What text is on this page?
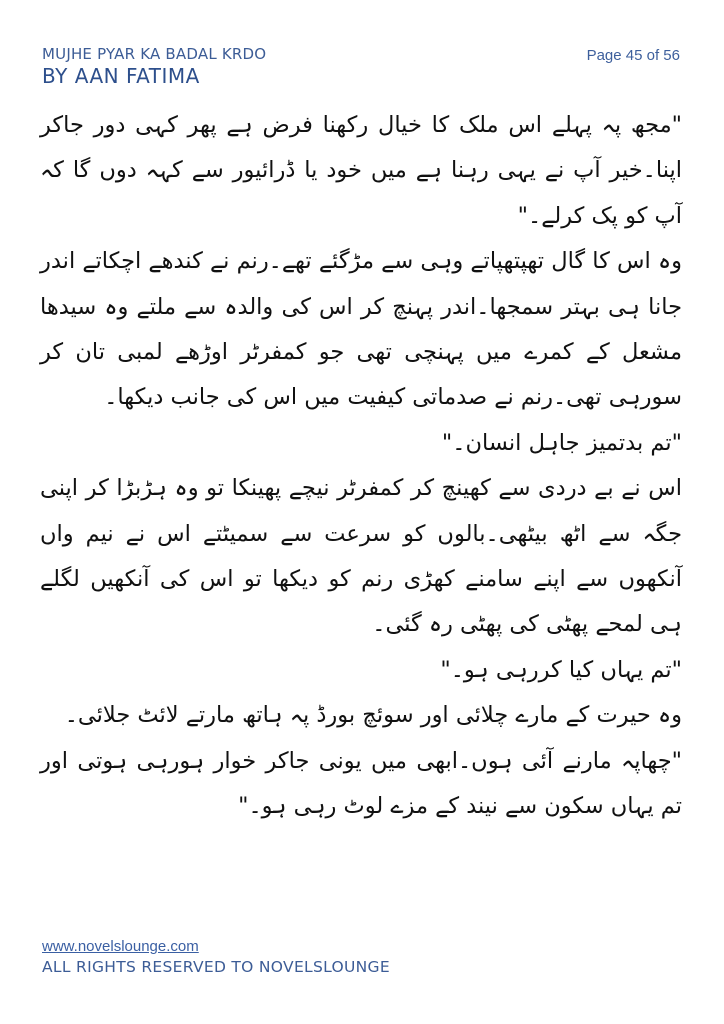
MUJHE PYAR KA BADAL KRDO
BY AAN FATIMA
Page 45 of 56

"مجھ پہ پہلے اس ملک کا خیال رکھنا فرض ہے پھر کہی دور جاکر اپنا۔خیر آپ نے یہی رہنا ہے میں خود یا ڈرائیور سے کہہ دوں گا کہ آپ کو پک کرلے۔"

وہ اس کا گال تھپتھپاتے وہی سے مڑگئے تھے۔رنم نے کندھے اچکاتے اندر جانا ہی بہتر سمجھا۔اندر پہنچ کر اس کی والدہ سے ملتے وہ سیدھا مشعل کے کمرے میں پہنچی تھی جو کمفرٹر اوڑھے لمبی تان کر سورہی تھی۔رنم نے صدماتی کیفیت میں اس کی جانب دیکھا۔

"تم بدتمیز جاہل انسان۔"

اس نے بے دردی سے کھینچ کر کمفرٹر نیچے پھینکا تو وہ ہڑبڑا کر اپنی جگہ سے اٹھ بیٹھی۔بالوں کو سرعت سے سمیٹتے اس نے نیم واں آنکھوں سے اپنے سامنے کھڑی رنم کو دیکھا تو اس کی آنکھیں لگلے ہی لمحے پھٹی کی پھٹی رہ گئی۔

"تم یہاں کیا کررہی ہو۔"

وہ حیرت کے مارے چلائی اور سوئچ بورڈ پہ ہاتھ مارتے لائٹ جلائی۔

"چھاپہ مارنے آئی ہوں۔ابھی میں یونی جاکر خوار ہورہی ہوتی اور تم یہاں سکون سے نیند کے مزے لوٹ رہی ہو۔"

www.novelslounge.com
ALL RIGHTS RESERVED TO NOVELSLOUNGE
